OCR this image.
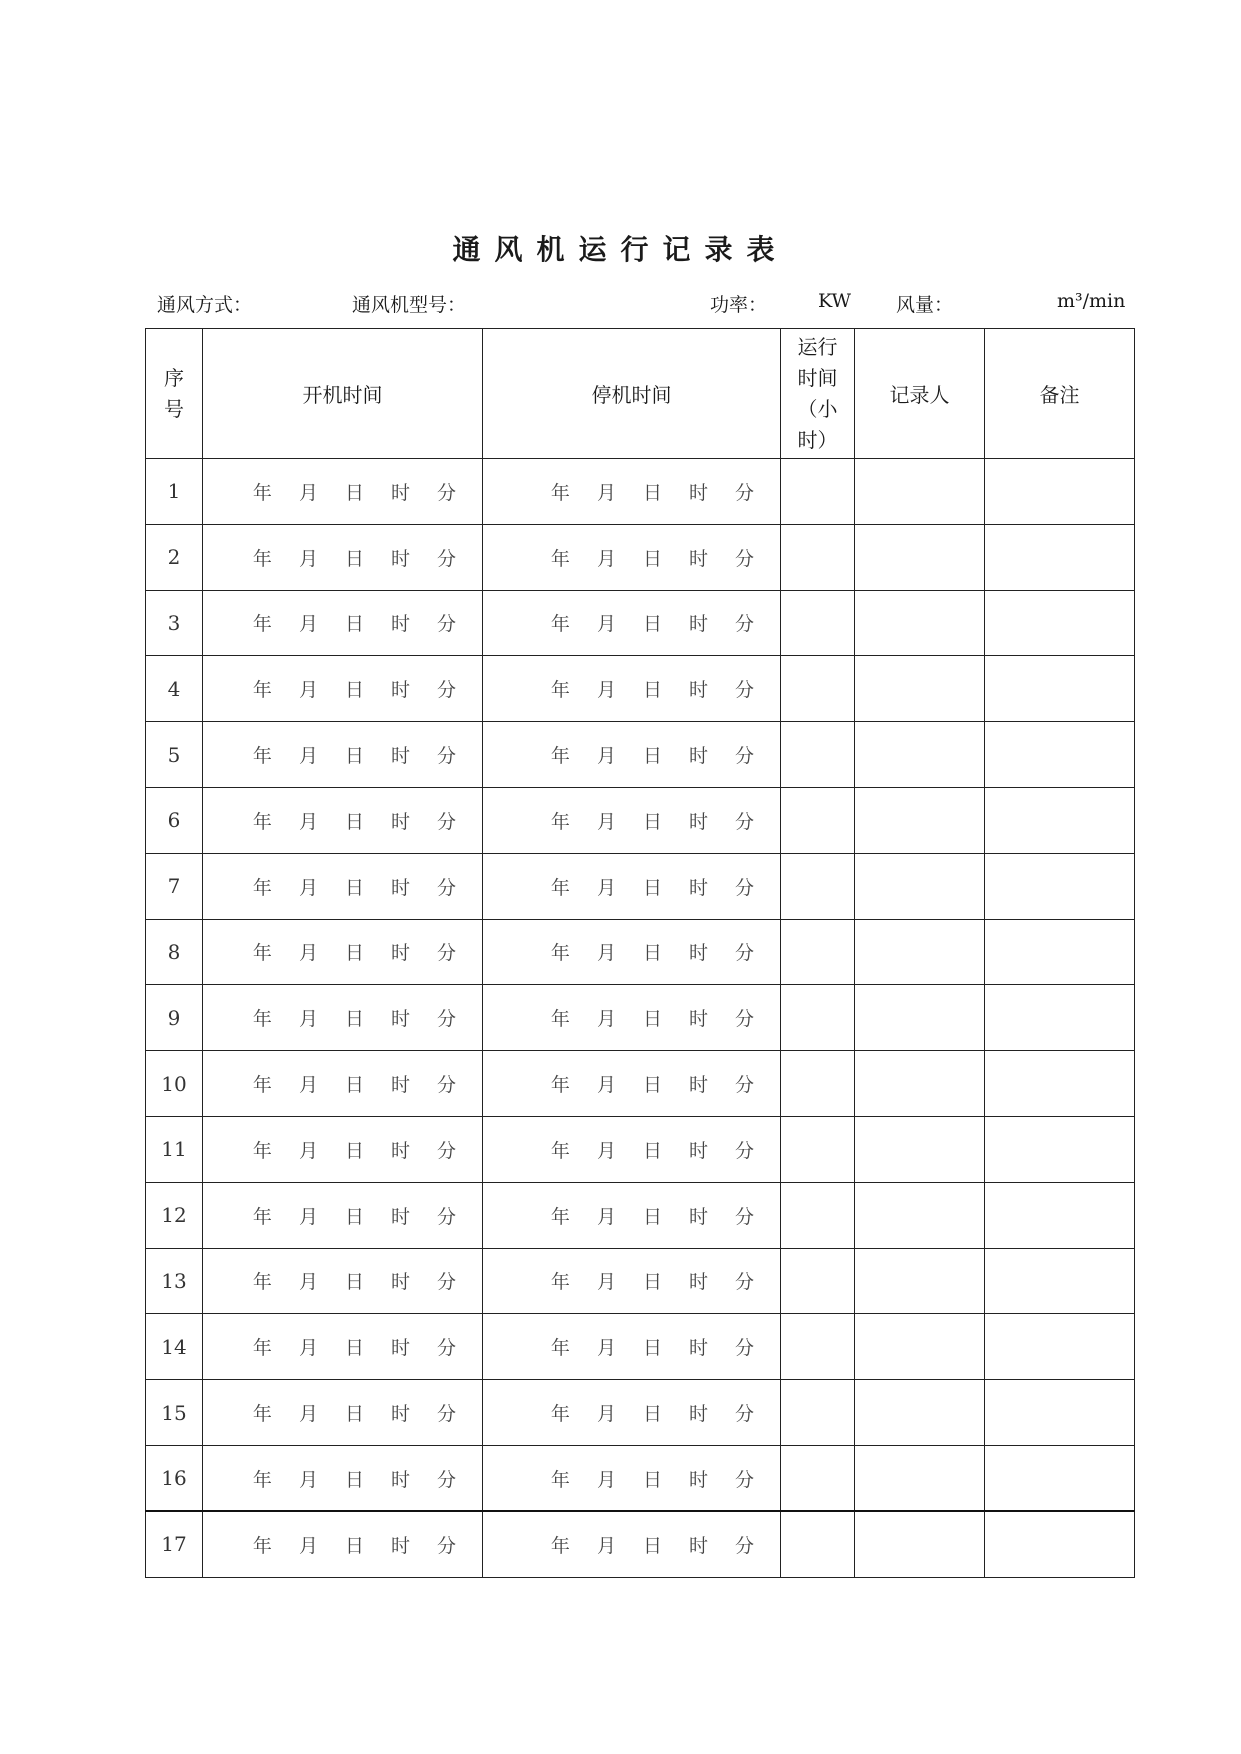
通风机运行记录表
通风方式：	通风机型号：	功率：	KW 风量：	m³/min
序
号	开机时间	停机时间	运行时间（小时）	记录人	备注
1	年 月 日 时 分	年 月 日 时 分			

2	年 月 日 时 分	年 月 日 时 分			

3	年 月 日 时 分	年 月 日 时 分			

4	年 月 日 时 分	年 月 日 时 分			

5	年 月 日 时 分	年 月 日 时 分			

6	年 月 日 时 分	年 月 日 时 分			

7	年 月 日 时 分	年 月 日 时 分			

8	年 月 日 时 分	年 月 日 时 分			

9	年 月 日 时 分	年 月 日 时 分			

10	年 月 日 时 分	年 月 日 时 分			

11	年 月 日 时 分	年 月 日 时 分			

12	年 月 日 时 分	年 月 日 时 分			

13	年 月 日 时 分	年 月 日 时 分			

14	年 月 日 时 分	年 月 日 时 分			

15	年 月 日 时 分	年 月 日 时 分			

16	年 月 日 时 分	年 月 日 时 分			

17	年 月 日 时 分	年 月 日 时 分			
